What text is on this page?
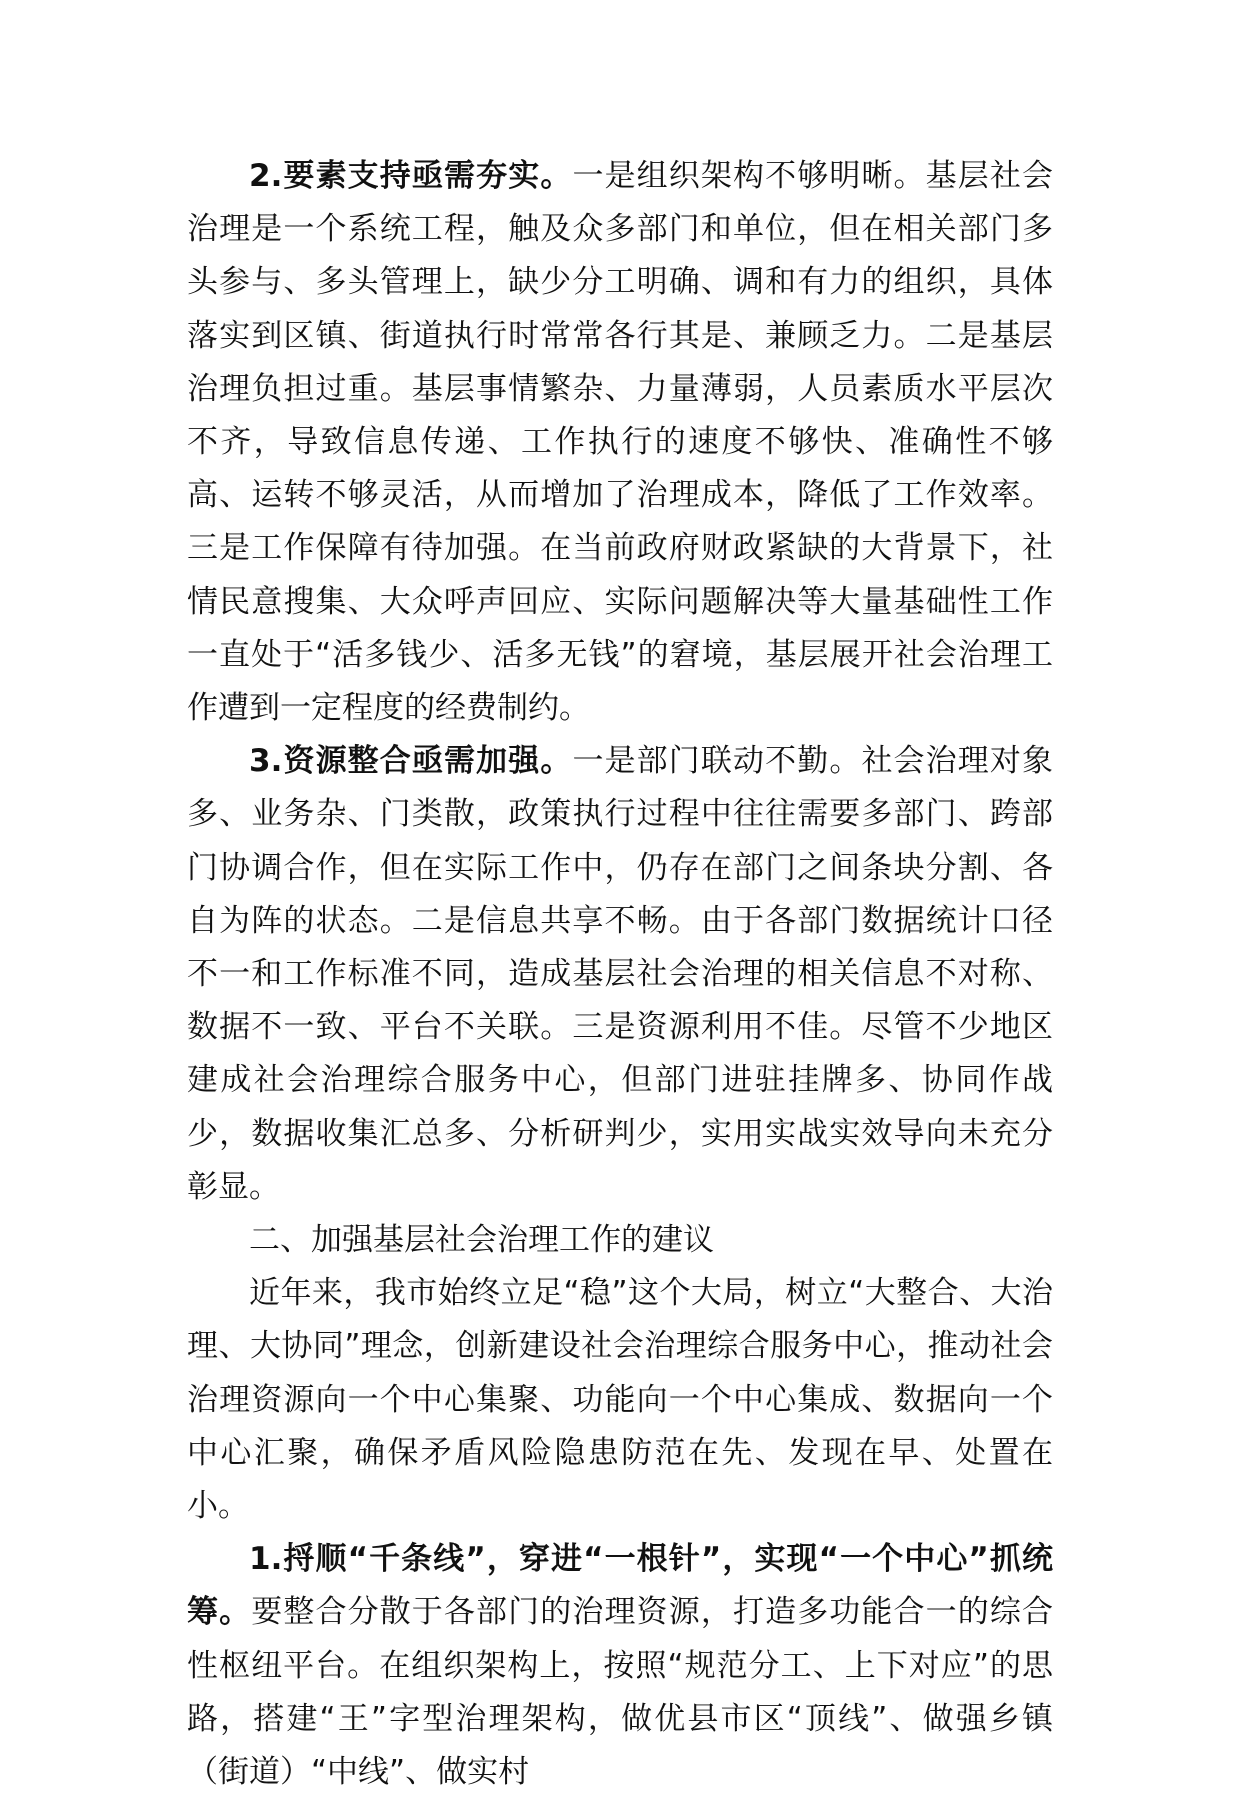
2.要素支持亟需夯实。一是组织架构不够明晰。基层社会治理是一个系统工程，触及众多部门和单位，但在相关部门多头参与、多头管理上，缺少分工明确、调和有力的组织，具体落实到区镇、街道执行时常常各行其是、兼顾乏力。二是基层治理负担过重。基层事情繁杂、力量薄弱，人员素质水平层次不齐，导致信息传递、工作执行的速度不够快、准确性不够高、运转不够灵活，从而增加了治理成本，降低了工作效率。三是工作保障有待加强。在当前政府财政紧缺的大背景下，社情民意搜集、大众呼声回应、实际问题解决等大量基础性工作一直处于“活多钱少、活多无钱”的窘境，基层展开社会治理工作遭到一定程度的经费制约。

3.资源整合亟需加强。一是部门联动不勤。社会治理对象多、业务杂、门类散，政策执行过程中往往需要多部门、跨部门协调合作，但在实际工作中，仍存在部门之间条块分割、各自为阵的状态。二是信息共享不畅。由于各部门数据统计口径不一和工作标准不同，造成基层社会治理的相关信息不对称、数据不一致、平台不关联。三是资源利用不佳。尽管不少地区建成社会治理综合服务中心，但部门进驻挂牌多、协同作战少，数据收集汇总多、分析研判少，实用实战实效导向未充分彰显。

二、加强基层社会治理工作的建议

近年来，我市始终立足“稳”这个大局，树立“大整合、大治理、大协同”理念，创新建设社会治理综合服务中心，推动社会治理资源向一个中心集聚、功能向一个中心集成、数据向一个中心汇聚，确保矛盾风险隐患防范在先、发现在早、处置在小。

1.捋顺“千条线”，穿进“一根针”，实现“一个中心”抓统筹。要整合分散于各部门的治理资源，打造多功能合一的综合性枢纽平台。在组织架构上，按照“规范分工、上下对应”的思路，搭建“王”字型治理架构，做优县市区“顶线”、做强乡镇（街道）“中线”、做实村
